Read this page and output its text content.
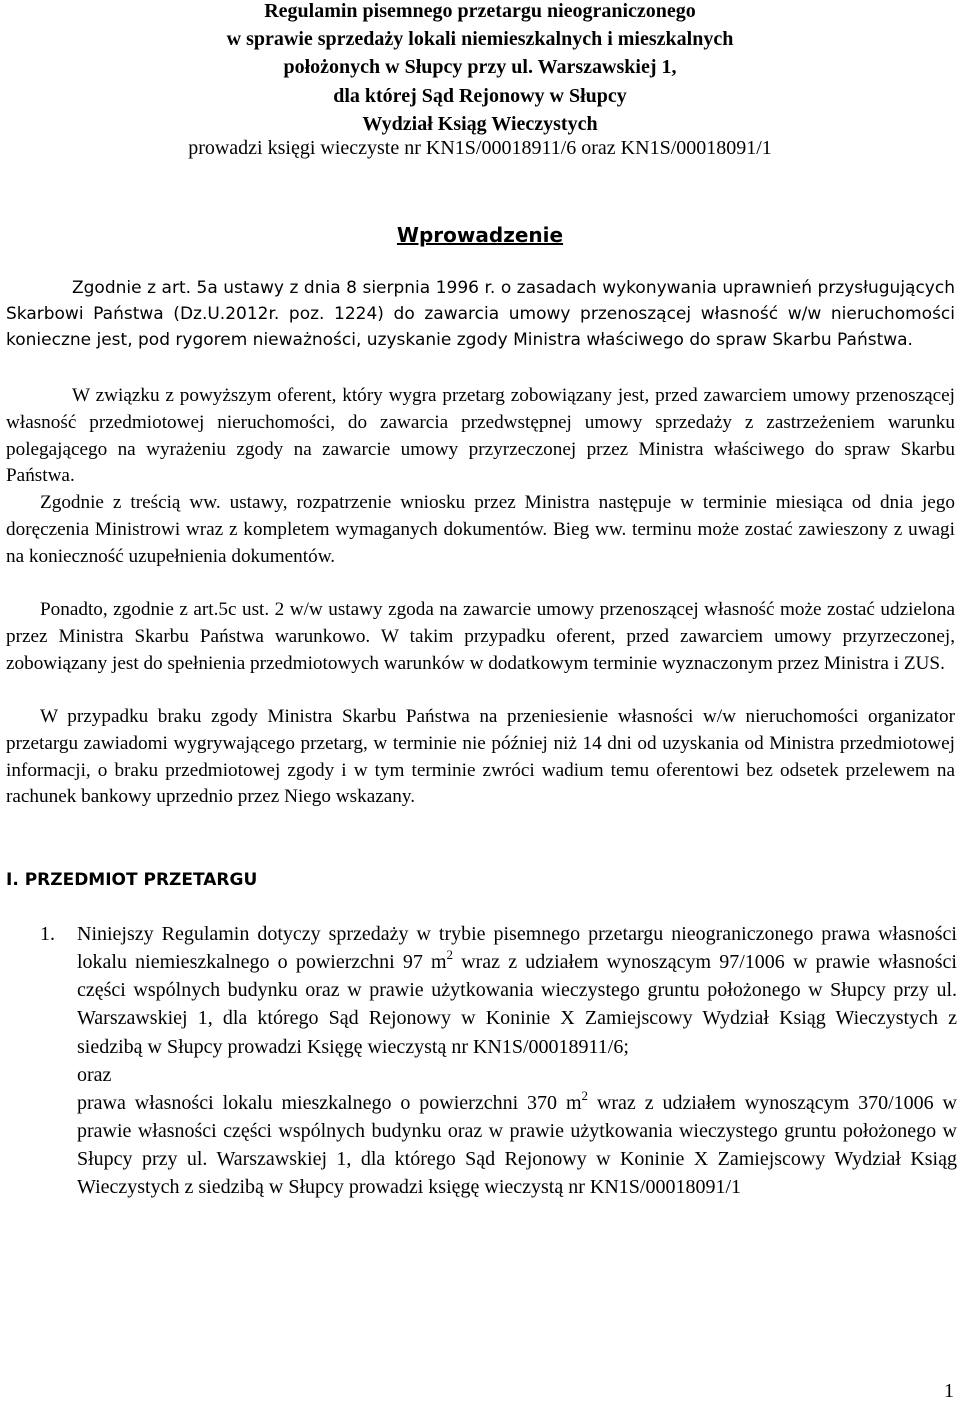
Regulamin pisemnego przetargu nieograniczonego
w sprawie sprzedaży lokali niemieszkalnych i mieszkalnych
położonych w Słupcy przy ul. Warszawskiej 1,
dla której Sąd Rejonowy w Słupcy
Wydział Ksiąg Wieczystych
prowadzi księgi wieczyste nr KN1S/00018911/6 oraz KN1S/00018091/1
Wprowadzenie
Zgodnie z art. 5a ustawy z dnia 8 sierpnia 1996 r. o zasadach wykonywania uprawnień przysługujących Skarbowi Państwa (Dz.U.2012r. poz. 1224) do zawarcia umowy przenoszącej własność w/w nieruchomości konieczne jest, pod rygorem nieważności, uzyskanie zgody Ministra właściwego do spraw Skarbu Państwa.
W związku z powyższym oferent, który wygra przetarg zobowiązany jest, przed zawarciem umowy przenoszącej własność przedmiotowej nieruchomości, do zawarcia przedwstępnej umowy sprzedaży z zastrzeżeniem warunku polegającego na wyrażeniu zgody na zawarcie umowy przyrzeczonej przez Ministra właściwego do spraw Skarbu Państwa.
Zgodnie z treścią ww. ustawy, rozpatrzenie wniosku przez Ministra następuje w terminie miesiąca od dnia jego doręczenia Ministrowi wraz z kompletem wymaganych dokumentów. Bieg ww. terminu może zostać zawieszony z uwagi na konieczność uzupełnienia dokumentów.
Ponadto, zgodnie z art.5c ust. 2 w/w ustawy zgoda na zawarcie umowy przenoszącej własność może zostać udzielona przez Ministra Skarbu Państwa warunkowo. W takim przypadku oferent, przed zawarciem umowy przyrzeczonej, zobowiązany jest do spełnienia przedmiotowych warunków w dodatkowym terminie wyznaczonym przez Ministra i ZUS.
W przypadku braku zgody Ministra Skarbu Państwa na przeniesienie własności w/w nieruchomości organizator przetargu zawiadomi wygrywającego przetarg, w terminie nie później niż 14 dni od uzyskania od Ministra przedmiotowej informacji, o braku przedmiotowej zgody i w tym terminie zwróci wadium temu oferentowi bez odsetek przelewem na rachunek bankowy uprzednio przez Niego wskazany.
I. PRZEDMIOT PRZETARGU
1. Niniejszy Regulamin dotyczy sprzedaży w trybie pisemnego przetargu nieograniczonego prawa własności lokalu niemieszkalnego o powierzchni 97 $m^2$ wraz z udziałem wynoszącym 97/1006 w prawie własności części wspólnych budynku oraz w prawie użytkowania wieczystego gruntu położonego w Słupcy przy ul. Warszawskiej 1, dla którego Sąd Rejonowy w Koninie X Zamiejscowy Wydział Ksiąg Wieczystych z siedzibą w Słupcy prowadzi Księgę wieczystą nr KN1S/00018911/6;

oraz

prawa własności lokalu mieszkalnego o powierzchni 370 $m^2$ wraz z udziałem wynoszącym 370/1006 w prawie własności części wspólnych budynku oraz w prawie użytkowania wieczystego gruntu położonego w Słupcy przy ul. Warszawskiej 1, dla którego Sąd Rejonowy w Koninie X Zamiejscowy Wydział Ksiąg Wieczystych z siedzibą w Słupcy prowadzi księgę wieczystą nr KN1S/00018091/1

1
